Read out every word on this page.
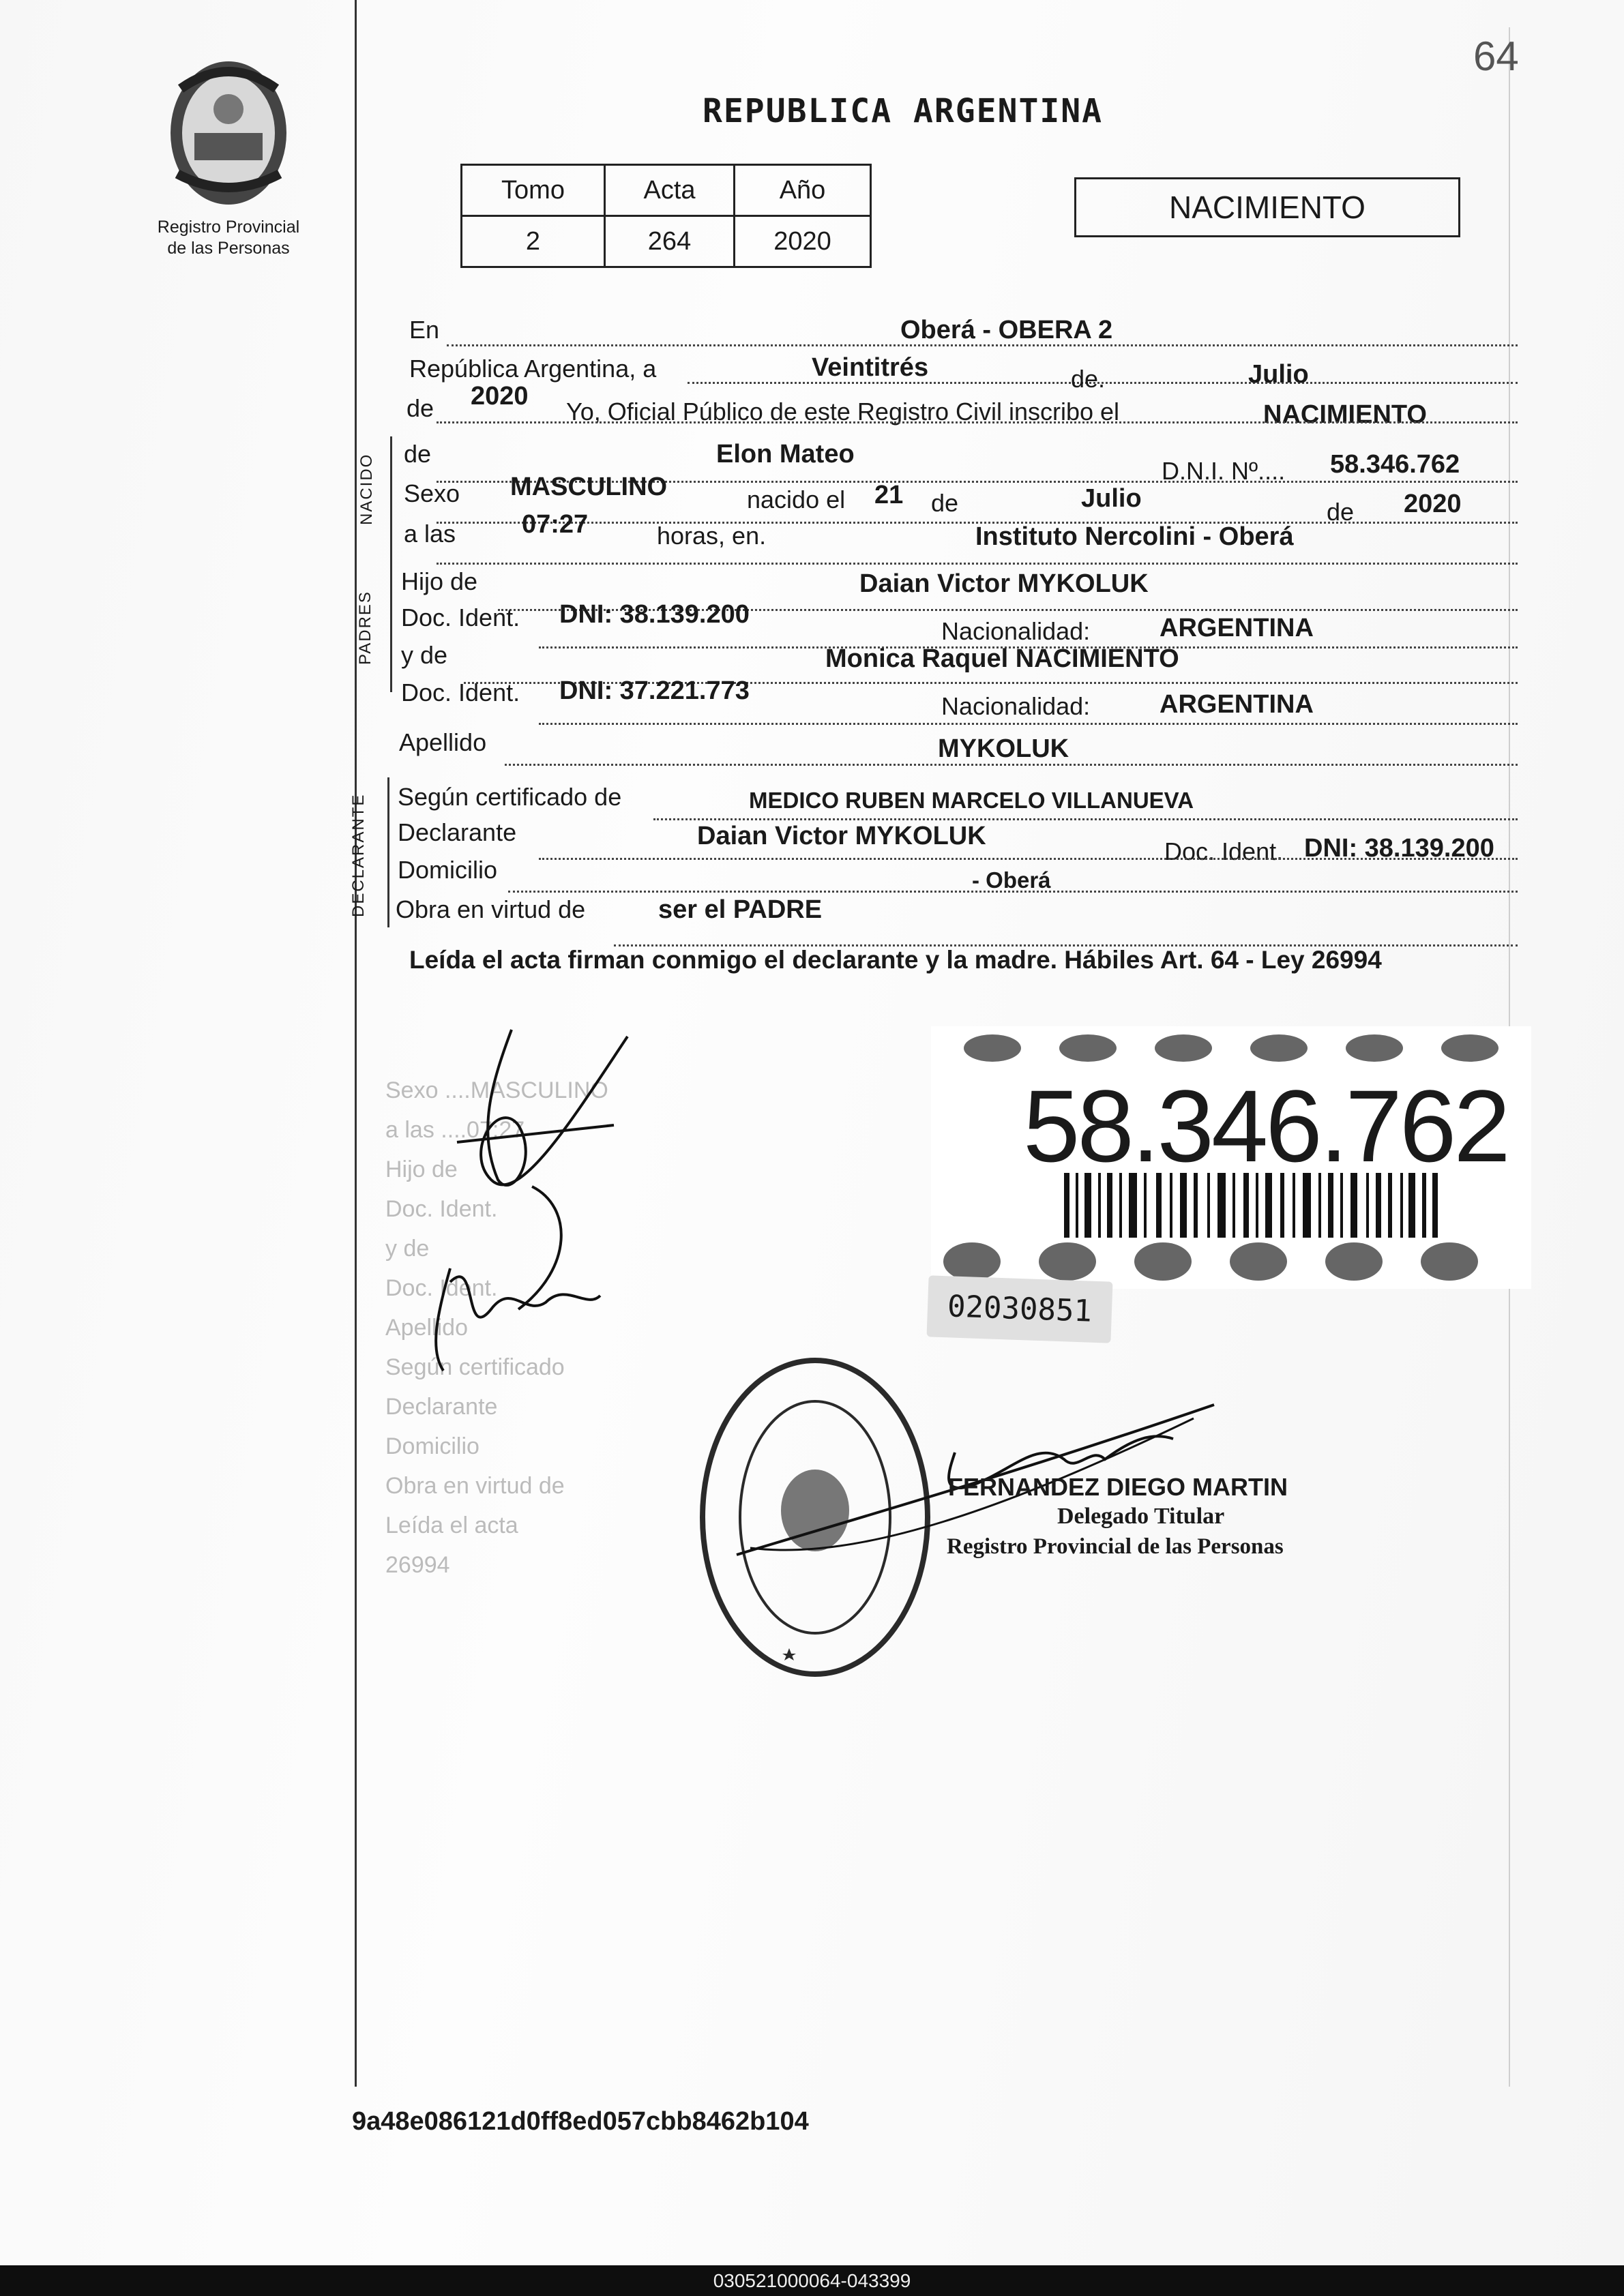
64
Registro Provincial
de las Personas
REPUBLICA ARGENTINA
Tomo	Acta	Año
2	264	2020
NACIMIENTO
En	Oberá - OBERA 2
República Argentina, a	Veintitrés	de.	Julio
de 2020
Yo, Oficial Público de este Registro Civil inscribo el	NACIMIENTO
NACIDO de	Elon Mateo
D.N.I. Nº.... 58.346.762
Sexo MASCULINO	nacido el 21 de	Julio	de 2020
a las	07:27	horas, en.	Instituto Nercolini - Oberá
PADRES
Hijo de	Daian Victor MYKOLUK
Doc. Ident. DNI: 38.139.200
Nacionalidad:	ARGENTINA
y de	Monica Raquel NACIMIENTO
Doc. Ident. DNI: 37.221.773
Nacionalidad:	ARGENTINA
Apellido	MYKOLUK
DECLARANTE Según certificado de	MEDICO RUBEN MARCELO VILLANUEVA
Declarante	Daian Victor MYKOLUK
Doc. Ident. DNI: 38.139.200
Domicilio	- Oberá
Obra en virtud de	ser el PADRE
Leída el acta firman conmigo el declarante y la madre. Hábiles Art. 64 - Ley 26994
Sexo ....MASCULINO
a las ....07:27
Hijo de
Doc. Ident.
y de
Doc. Ident.
Apellido
Según certificado
Declarante
Domicilio
Obra en virtud de
Leída el acta
26994
58.346.762
02030851
FERNANDEZ DIEGO MARTIN
Delegado Titular
Registro Provincial de las Personas
9a48e086121d0ff8ed057cbb8462b104
030521000064-043399
